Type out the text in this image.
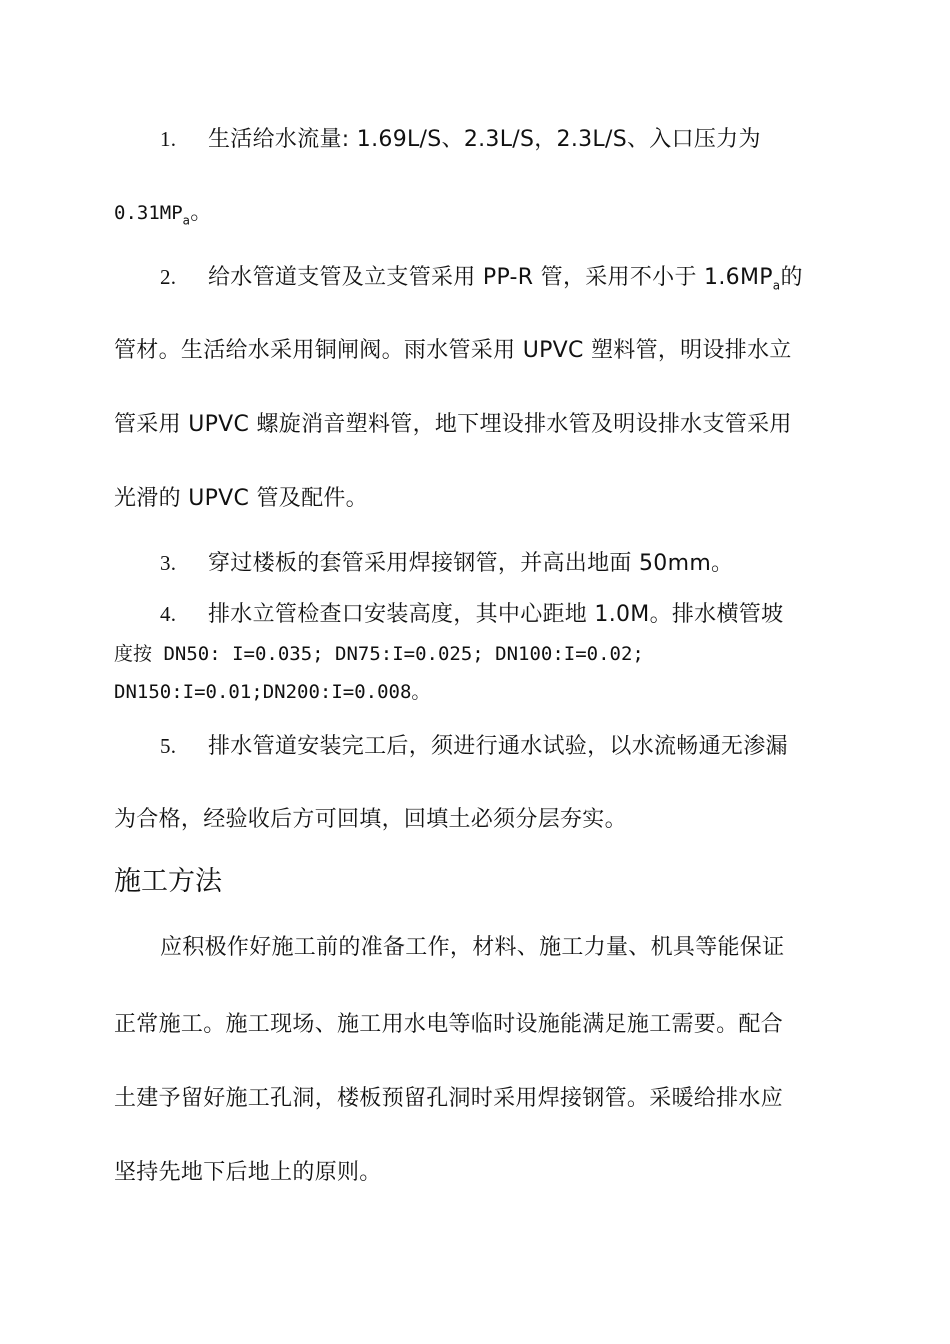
1. 生活给水流量: 1.69L/S、2.3L/S，2.3L/S、入口压力为
$0.31MP_a$。
2. 给水管道支管及立支管采用 PP-R 管，采用不小于 $1.6MP_a$的
管材。生活给水采用铜闸阀。雨水管采用 UPVC 塑料管，明设排水立
管采用 UPVC 螺旋消音塑料管，地下埋设排水管及明设排水支管采用
光滑的 UPVC 管及配件。
3. 穿过楼板的套管采用焊接钢管，并高出地面 50mm。
4. 排水立管检查口安装高度，其中心距地 1.0M。排水横管坡
度按 DN50: I=0.035; DN75:I=0.025; DN100:I=0.02;
DN150:I=0.01;DN200:I=0.008。
5. 排水管道安装完工后，须进行通水试验，以水流畅通无渗漏
为合格，经验收后方可回填，回填土必须分层夯实。
施工方法
应积极作好施工前的准备工作，材料、施工力量、机具等能保证
正常施工。施工现场、施工用水电等临时设施能满足施工需要。配合
土建予留好施工孔洞，楼板预留孔洞时采用焊接钢管。采暖给排水应
坚持先地下后地上的原则。
